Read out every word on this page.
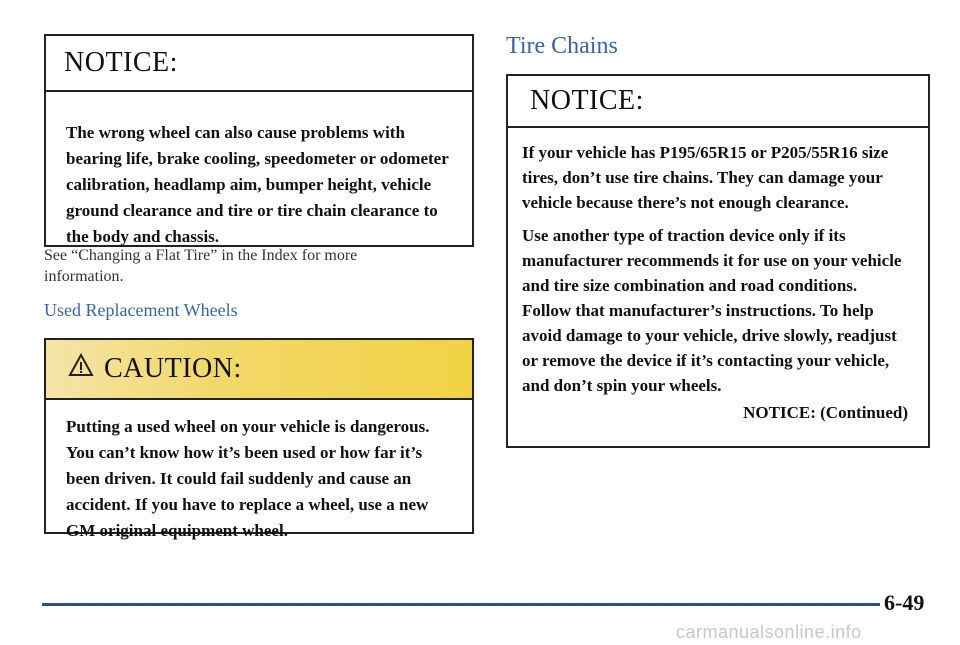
NOTICE:

The wrong wheel can also cause problems with bearing life, brake cooling, speedometer or odometer calibration, headlamp aim, bumper height, vehicle ground clearance and tire or tire chain clearance to the body and chassis.

See “Changing a Flat Tire” in the Index for more information.
Used Replacement Wheels
CAUTION:

Putting a used wheel on your vehicle is dangerous. You can’t know how it’s been used or how far it’s been driven. It could fail suddenly and cause an accident. If you have to replace a wheel, use a new GM original equipment wheel.

Tire Chains
NOTICE:

If your vehicle has P195/65R15 or P205/55R16 size tires, don’t use tire chains. They can damage your vehicle because there’s not enough clearance.

Use another type of traction device only if its manufacturer recommends it for use on your vehicle and tire size combination and road conditions. Follow that manufacturer’s instructions. To help avoid damage to your vehicle, drive slowly, readjust or remove the device if it’s contacting your vehicle, and don’t spin your wheels.

NOTICE: (Continued)
6-49
carmanualsonline.info
